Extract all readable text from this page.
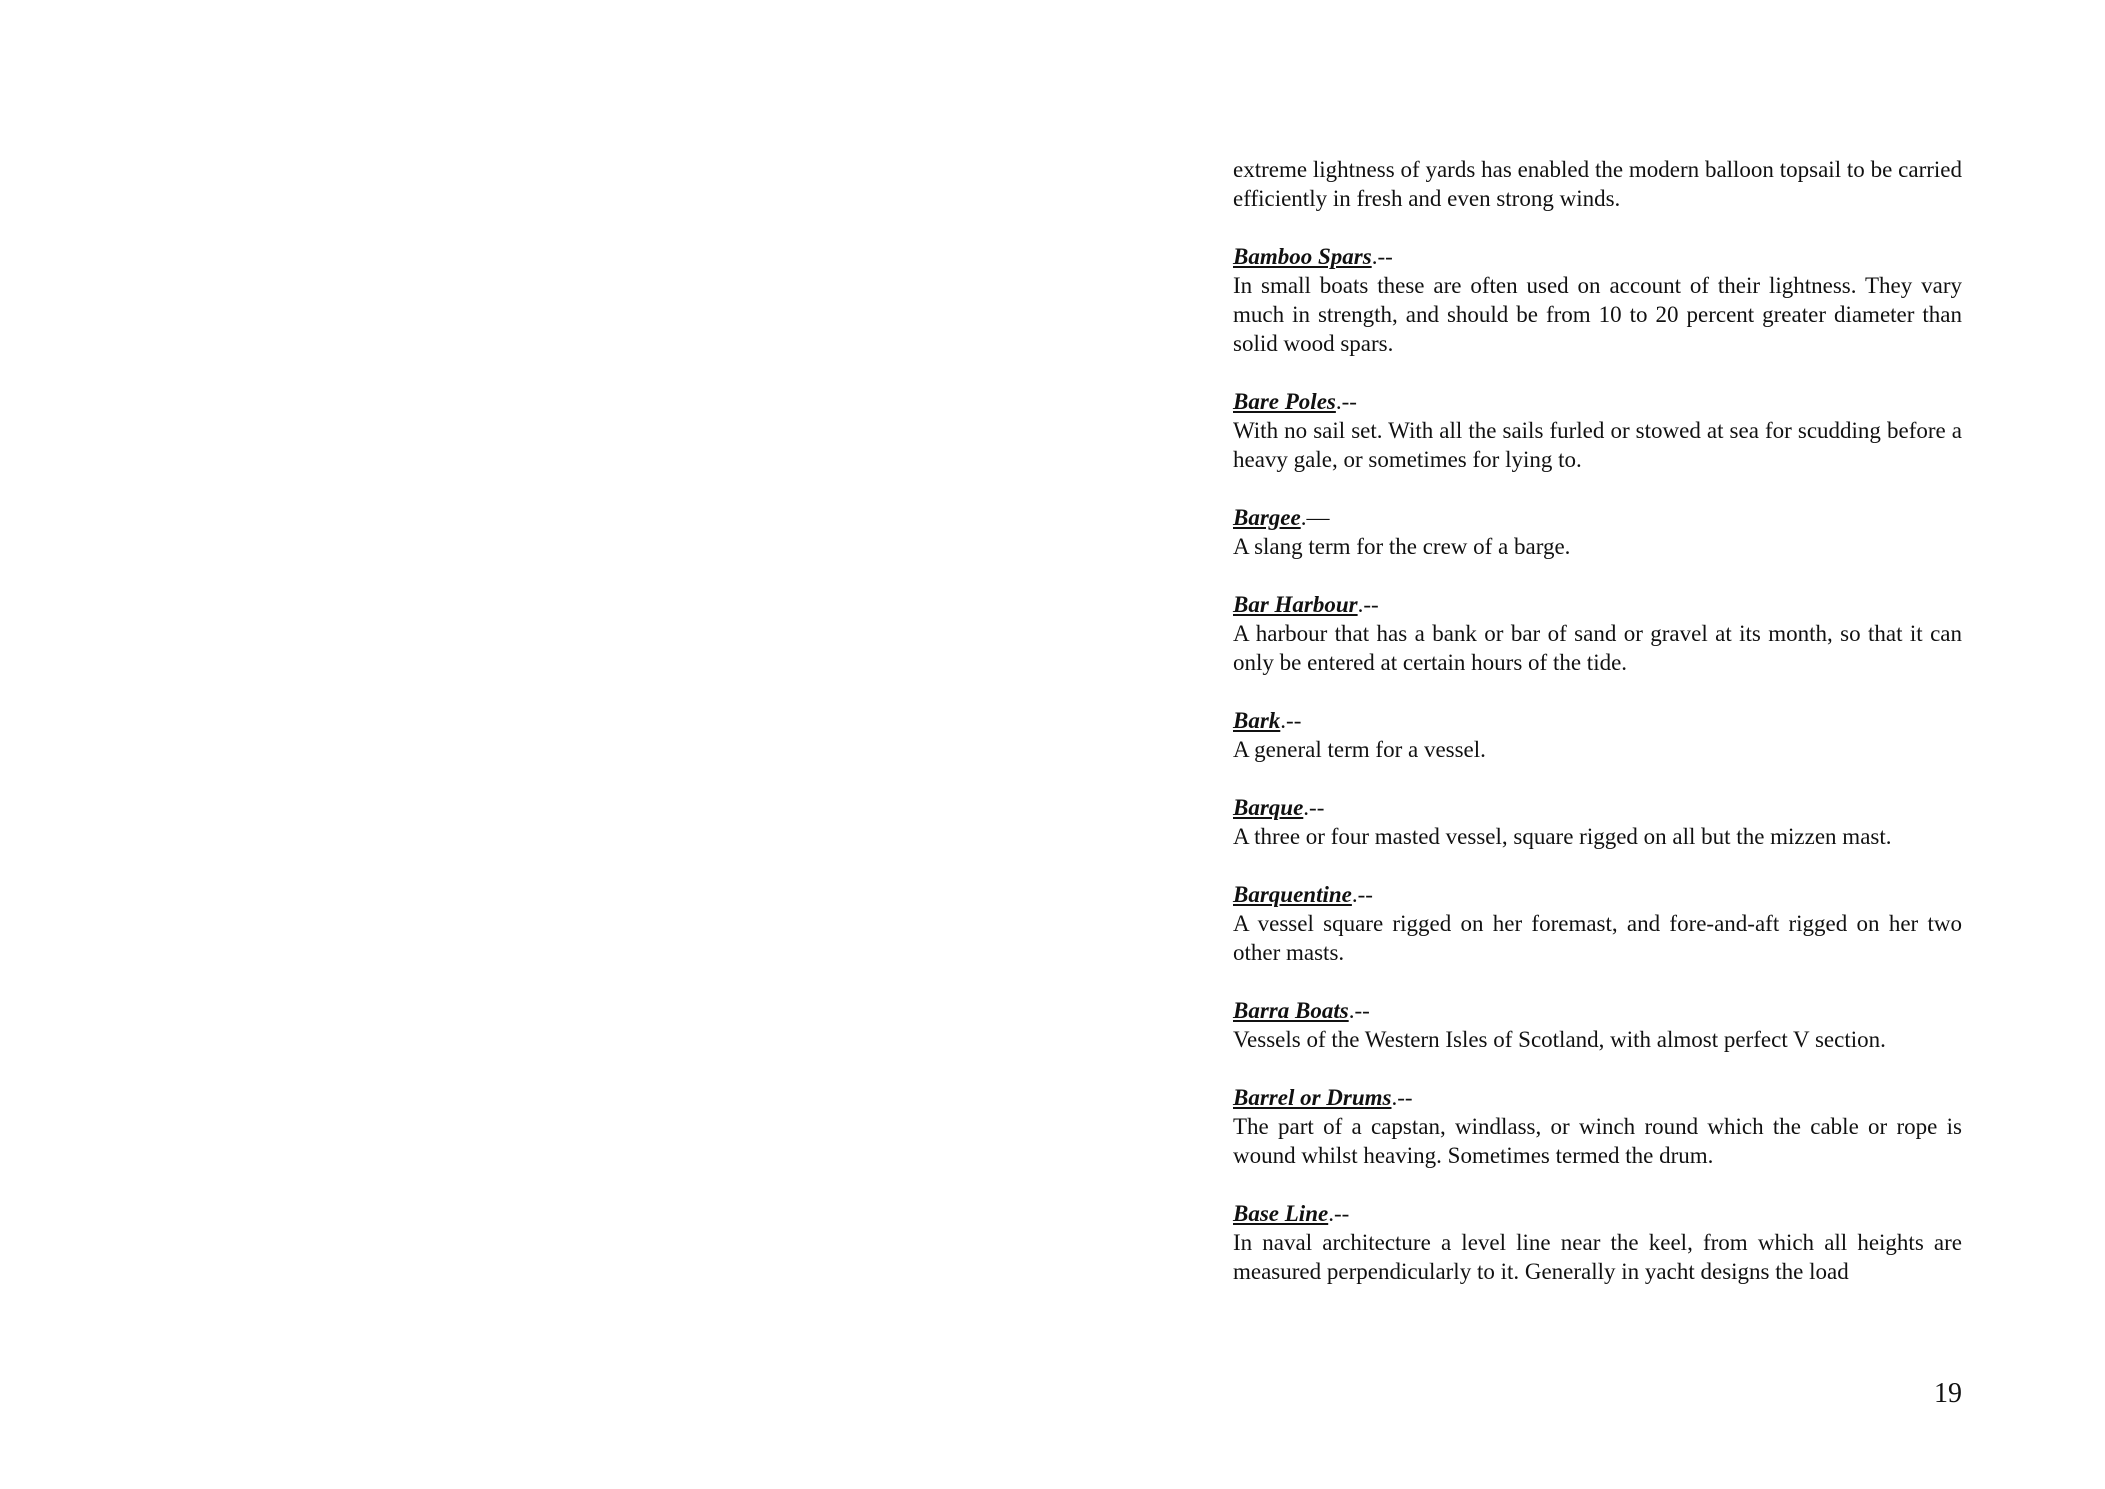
extreme lightness of yards has enabled the modern balloon topsail to be carried efficiently in fresh and even strong winds.

Bamboo Spars.--

In small boats these are often used on account of their lightness. They vary much in strength, and should be from 10 to 20 percent greater diameter than solid wood spars.

Bare Poles.--

With no sail set. With all the sails furled or stowed at sea for scudding before a heavy gale, or sometimes for lying to.

Bargee.—

A slang term for the crew of a barge.

Bar Harbour.--

A harbour that has a bank or bar of sand or gravel at its month, so that it can only be entered at certain hours of the tide.

Bark.--

A general term for a vessel.

Barque.--

A three or four masted vessel, square rigged on all but the mizzen mast.

Barquentine.--

A vessel square rigged on her foremast, and fore-and-aft rigged on her two other masts.

Barra Boats.--

Vessels of the Western Isles of Scotland, with almost perfect V section.

Barrel or Drums.--

The part of a capstan, windlass, or winch round which the cable or rope is wound whilst heaving. Sometimes termed the drum.

Base Line.--

In naval architecture a level line near the keel, from which all heights are measured perpendicularly to it. Generally in yacht designs the load

19
